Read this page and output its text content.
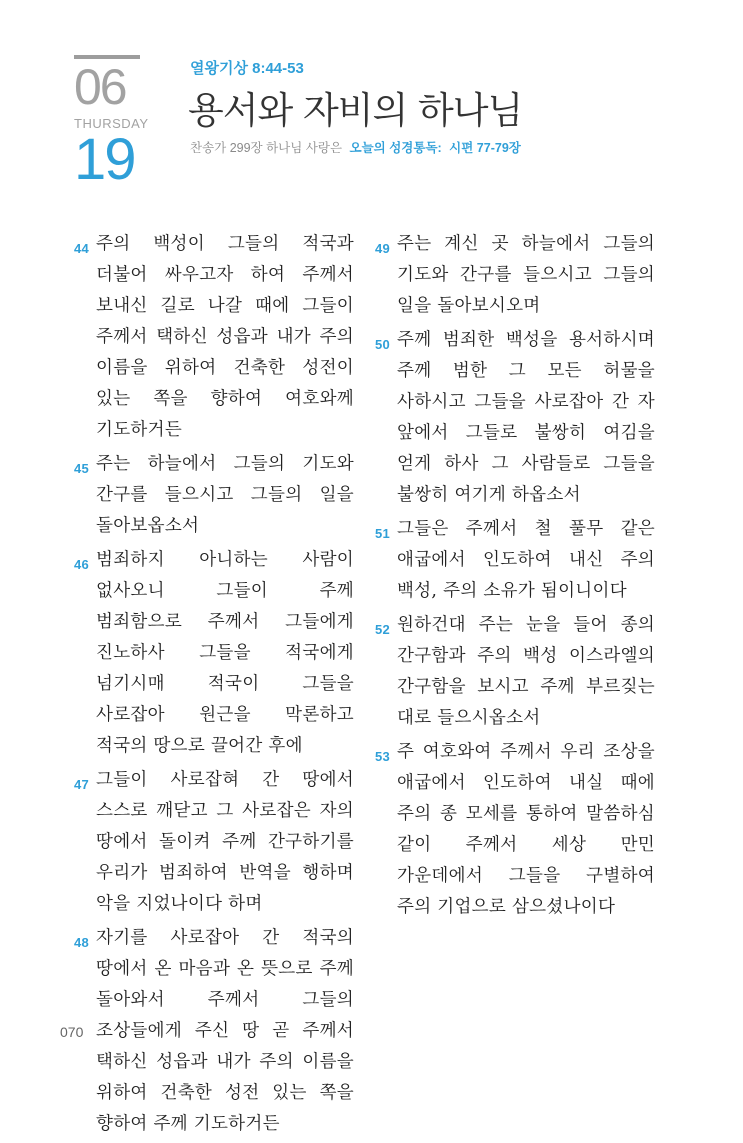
06
THURSDAY
19
열왕기상 8:44-53
용서와 자비의 하나님
찬송가 299장 하나님 사랑은 오늘의 성경통독: 시편 77-79장
44 주의 백성이 그들의 적국과 더불어 싸우고자 하여 주께서 보내신 길로 나갈 때에 그들이 주께서 택하신 성읍과 내가 주의 이름을 위하여 건축한 성전이 있는 쪽을 향하여 여호와께 기도하거든
45 주는 하늘에서 그들의 기도와 간구를 들으시고 그들의 일을 돌아보옵소서
46 범죄하지 아니하는 사람이 없사오니 그들이 주께 범죄함으로 주께서 그들에게 진노하사 그들을 적국에게 넘기시매 적국이 그들을 사로잡아 원근을 막론하고 적국의 땅으로 끌어간 후에
47 그들이 사로잡혀 간 땅에서 스스로 깨닫고 그 사로잡은 자의 땅에서 돌이켜 주께 간구하기를 우리가 범죄하여 반역을 행하며 악을 지었나이다 하며
48 자기를 사로잡아 간 적국의 땅에서 온 마음과 온 뜻으로 주께 돌아와서 주께서 그들의 조상들에게 주신 땅 곧 주께서 택하신 성읍과 내가 주의 이름을 위하여 건축한 성전 있는 쪽을 향하여 주께 기도하거든
49 주는 계신 곳 하늘에서 그들의 기도와 간구를 들으시고 그들의 일을 돌아보시오며
50 주께 범죄한 백성을 용서하시며 주께 범한 그 모든 허물을 사하시고 그들을 사로잡아 간 자 앞에서 그들로 불쌍히 여김을 얻게 하사 그 사람들로 그들을 불쌍히 여기게 하옵소서
51 그들은 주께서 철 풀무 같은 애굽에서 인도하여 내신 주의 백성, 주의 소유가 됨이니이다
52 원하건대 주는 눈을 들어 종의 간구함과 주의 백성 이스라엘의 간구함을 보시고 주께 부르짖는 대로 들으시옵소서
53 주 여호와여 주께서 우리 조상을 애굽에서 인도하여 내실 때에 주의 종 모세를 통하여 말씀하심 같이 주께서 세상 만민 가운데에서 그들을 구별하여 주의 기업으로 삼으셨나이다
070
